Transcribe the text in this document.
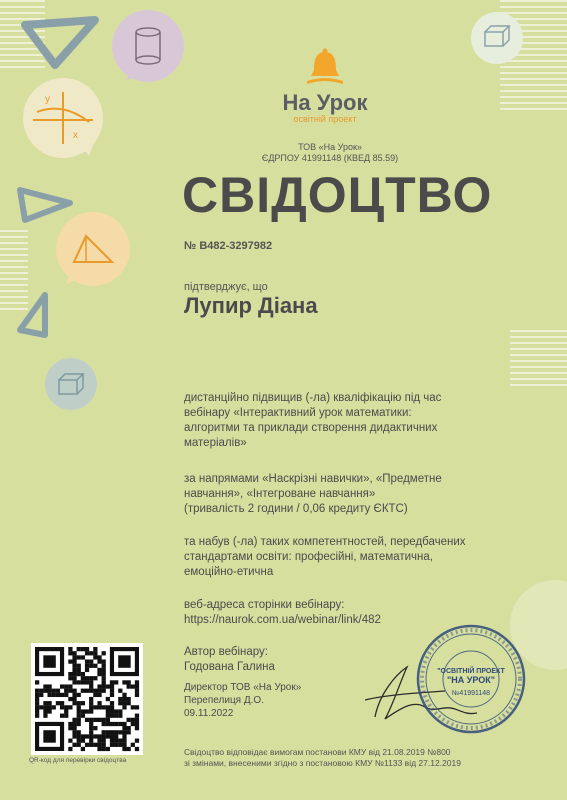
x
y	На Урок
освітній проект
ТОВ «На Урок»
ЄДРПОУ 41991148 (КВЕД 85.59)
СВІДОЦТВО
№ В482-3297982
підтверджує, що
Лупир Діана
дистанційно підвищив (-ла) кваліфікацію під час
вебінару «Інтерактивний урок математики:
алгоритми та приклади створення дидактичних
матеріалів»
за напрямами «Наскрізні навички», «Предметне
навчання», «Інтегроване навчання»
(тривалість 2 години / 0,06 кредиту ЄКТС)
та набув (-ла) таких компетентностей, передбачених
стандартами освіти: професійні, математична,
емоційно-етична
веб-адреса сторінки вебінару:
https://naurok.com.ua/webinar/link/482
Автор вебінару:
Годована Галина
Директор ТОВ «На Урок»
Перепелиця Д.О.
09.11.2022
"ОСВІТНІЙ ПРОЕКТ
"НА УРОК"
№41991148
QR-код для перевірки свідоцтва
Свідоцтво відповідає вимогам постанови КМУ від 21.08.2019 №800
зі змінами, внесеними згідно з постановою КМУ №1133 від 27.12.2019
